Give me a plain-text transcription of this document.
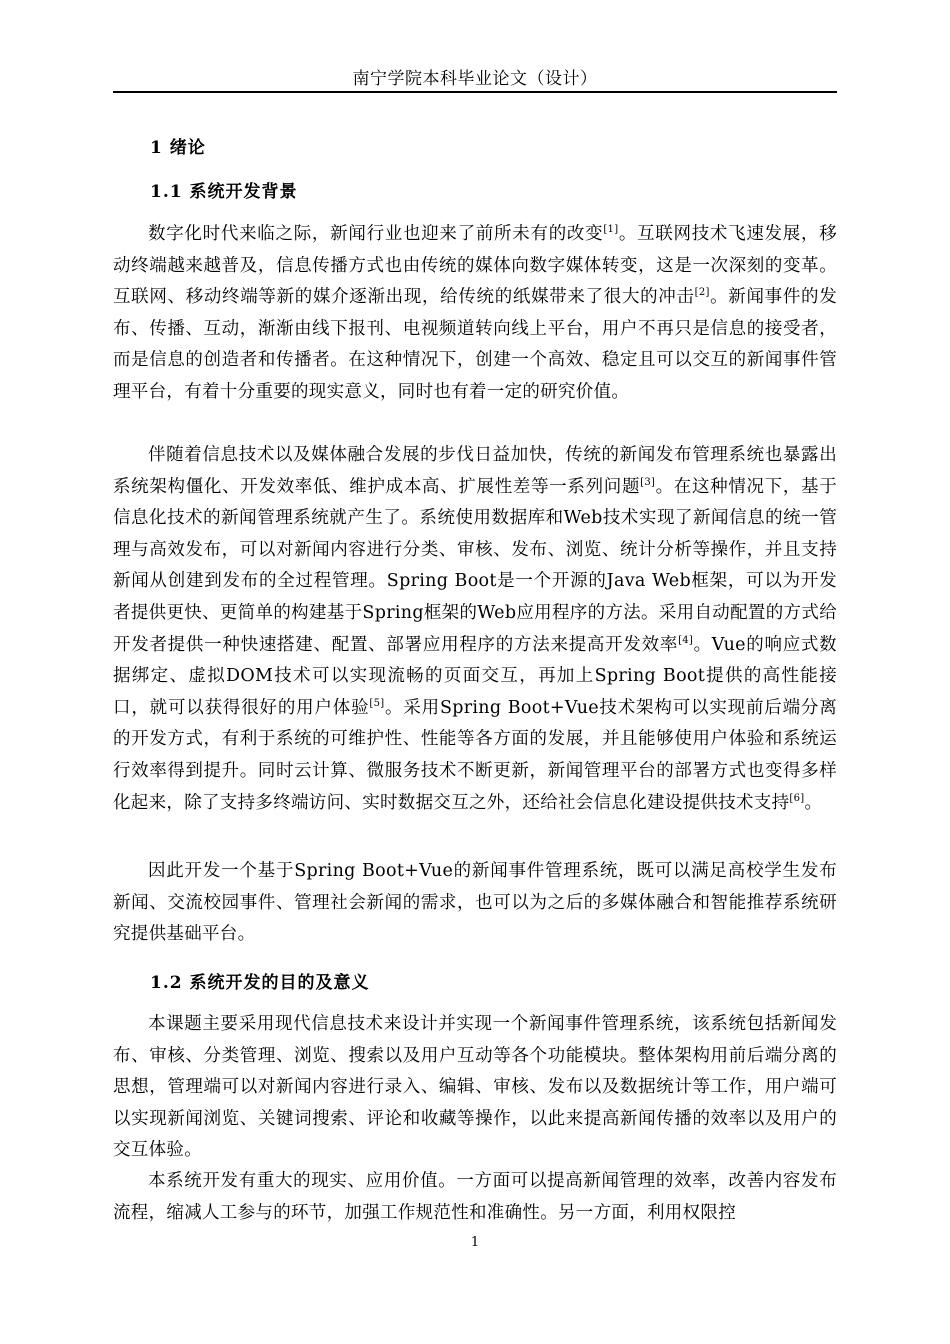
南宁学院本科毕业论文（设计）
1 绪论
1.1 系统开发背景
数字化时代来临之际，新闻行业也迎来了前所未有的改变[1]。互联网技术飞速发展，移动终端越来越普及，信息传播方式也由传统的媒体向数字媒体转变，这是一次深刻的变革。互联网、移动终端等新的媒介逐渐出现，给传统的纸媒带来了很大的冲击[2]。新闻事件的发布、传播、互动，渐渐由线下报刊、电视频道转向线上平台，用户不再只是信息的接受者，而是信息的创造者和传播者。在这种情况下，创建一个高效、稳定且可以交互的新闻事件管理平台，有着十分重要的现实意义，同时也有着一定的研究价值。
伴随着信息技术以及媒体融合发展的步伐日益加快，传统的新闻发布管理系统也暴露出系统架构僵化、开发效率低、维护成本高、扩展性差等一系列问题[3]。在这种情况下，基于信息化技术的新闻管理系统就产生了。系统使用数据库和Web技术实现了新闻信息的统一管理与高效发布，可以对新闻内容进行分类、审核、发布、浏览、统计分析等操作，并且支持新闻从创建到发布的全过程管理。Spring Boot是一个开源的Java Web框架，可以为开发者提供更快、更简单的构建基于Spring框架的Web应用程序的方法。采用自动配置的方式给开发者提供一种快速搭建、配置、部署应用程序的方法来提高开发效率[4]。Vue的响应式数据绑定、虚拟DOM技术可以实现流畅的页面交互，再加上Spring Boot提供的高性能接口，就可以获得很好的用户体验[5]。采用Spring Boot+Vue技术架构可以实现前后端分离的开发方式，有利于系统的可维护性、性能等各方面的发展，并且能够使用户体验和系统运行效率得到提升。同时云计算、微服务技术不断更新，新闻管理平台的部署方式也变得多样化起来，除了支持多终端访问、实时数据交互之外，还给社会信息化建设提供技术支持[6]。
因此开发一个基于Spring Boot+Vue的新闻事件管理系统，既可以满足高校学生发布新闻、交流校园事件、管理社会新闻的需求，也可以为之后的多媒体融合和智能推荐系统研究提供基础平台。
1.2 系统开发的目的及意义
本课题主要采用现代信息技术来设计并实现一个新闻事件管理系统，该系统包括新闻发布、审核、分类管理、浏览、搜索以及用户互动等各个功能模块。整体架构用前后端分离的思想，管理端可以对新闻内容进行录入、编辑、审核、发布以及数据统计等工作，用户端可以实现新闻浏览、关键词搜索、评论和收藏等操作，以此来提高新闻传播的效率以及用户的交互体验。
本系统开发有重大的现实、应用价值。一方面可以提高新闻管理的效率，改善内容发布流程，缩减人工参与的环节，加强工作规范性和准确性。另一方面，利用权限控
1
